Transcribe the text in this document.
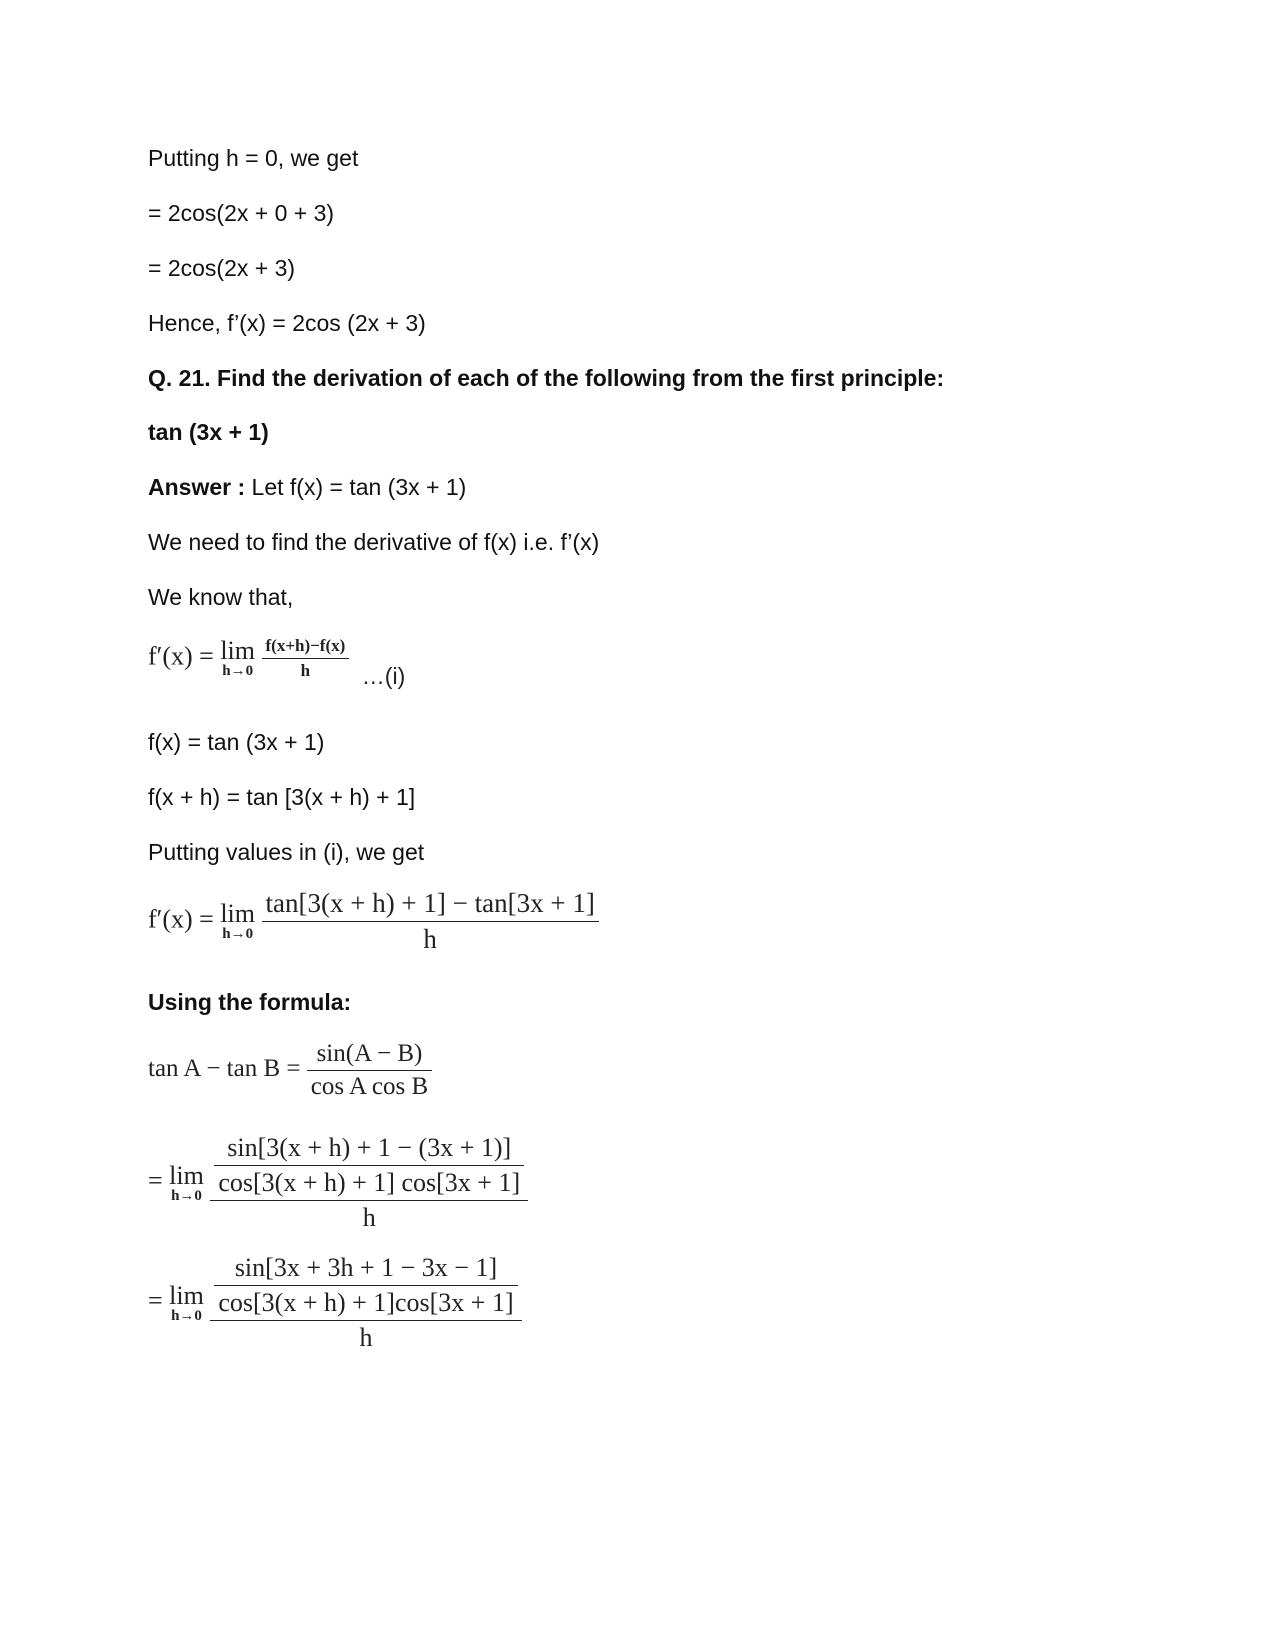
Putting h = 0, we get
= 2cos(2x + 0 + 3)
= 2cos(2x + 3)
Hence, f’(x) = 2cos (2x + 3)
Q. 21. Find the derivation of each of the following from the first principle:
tan (3x + 1)
Answer : Let f(x) = tan (3x + 1)
We need to find the derivative of f(x) i.e. f’(x)
We know that,
f′(x) = lim
h→0
$\frac{f(x+h)-f(x)}{h}$ …(i)
f(x) = tan (3x + 1)
f(x + h) = tan [3(x + h) + 1]
Putting values in (i), we get
f′(x) = lim
h→0
$\frac{\tan[3(x + h) + 1] - \tan[3x + 1]}{h}$
Using the formula:
$\tan A - \tan B = \frac{\sin(A - B)}{\text{cos A cos B}}$
= lim
h→0
$\frac{\sin[3(x + h) + 1 - (3x + 1)]}{\cos[3(x + h) + 1] \cos[3x + 1]}$
h
= lim
h→0
$\frac{\sin[3x + 3h + 1 - 3x - 1]}{\cos[3(x + h) + 1]\cos[3x + 1]}$
h
